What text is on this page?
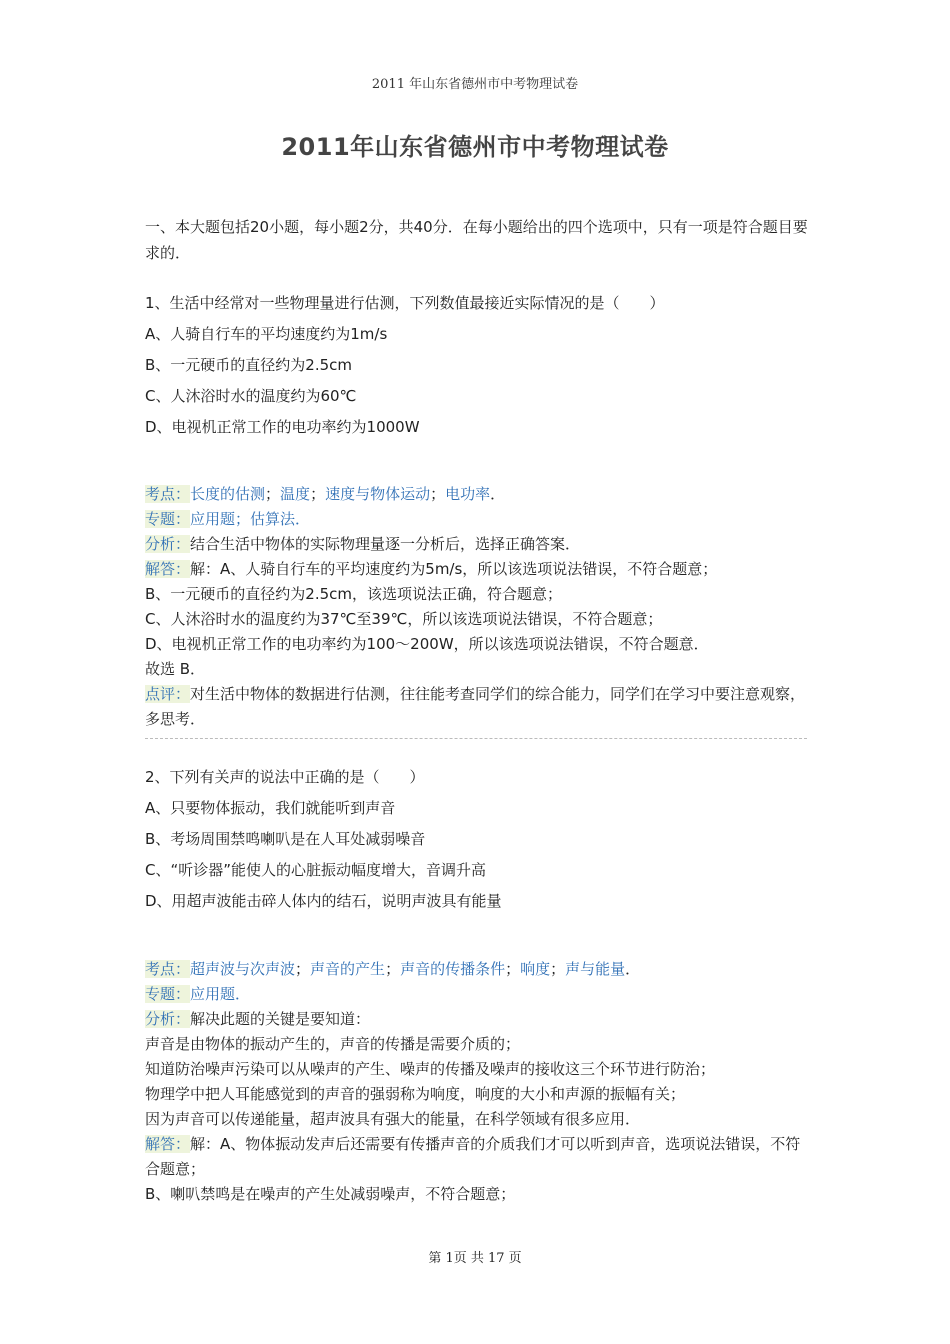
2011 年山东省德州市中考物理试卷
2011年山东省德州市中考物理试卷
一、本大题包括20小题，每小题2分，共40分．在每小题给出的四个选项中，只有一项是符合题目要求的．

1、生活中经常对一些物理量进行估测，下列数值最接近实际情况的是（　　）

A、人骑自行车的平均速度约为1m/s

B、一元硬币的直径约为2.5cm

C、人沐浴时水的温度约为60℃

D、电视机正常工作的电功率约为1000W

考点：长度的估测；温度；速度与物体运动；电功率．

专题：应用题；估算法．

分析：结合生活中物体的实际物理量逐一分析后，选择正确答案．

解答：解：A、人骑自行车的平均速度约为5m/s，所以该选项说法错误，不符合题意；

B、一元硬币的直径约为2.5cm，该选项说法正确，符合题意；

C、人沐浴时水的温度约为37℃至39℃，所以该选项说法错误，不符合题意；

D、电视机正常工作的电功率约为100～200W，所以该选项说法错误，不符合题意．

故选 B．

点评：对生活中物体的数据进行估测，往往能考查同学们的综合能力，同学们在学习中要注意观察，多思考．

2、下列有关声的说法中正确的是（　　）

A、只要物体振动，我们就能听到声音

B、考场周围禁鸣喇叭是在人耳处减弱噪音

C、“听诊器”能使人的心脏振动幅度增大，音调升高

D、用超声波能击碎人体内的结石，说明声波具有能量

考点：超声波与次声波；声音的产生；声音的传播条件；响度；声与能量．

专题：应用题．

分析：解决此题的关键是要知道：

声音是由物体的振动产生的，声音的传播是需要介质的；

知道防治噪声污染可以从噪声的产生、噪声的传播及噪声的接收这三个环节进行防治；

物理学中把人耳能感觉到的声音的强弱称为响度，响度的大小和声源的振幅有关；

因为声音可以传递能量，超声波具有强大的能量，在科学领域有很多应用．

解答：解：A、物体振动发声后还需要有传播声音的介质我们才可以听到声音，选项说法错误，不符合题意；

B、喇叭禁鸣是在噪声的产生处减弱噪声，不符合题意；

第 1页 共 17 页
